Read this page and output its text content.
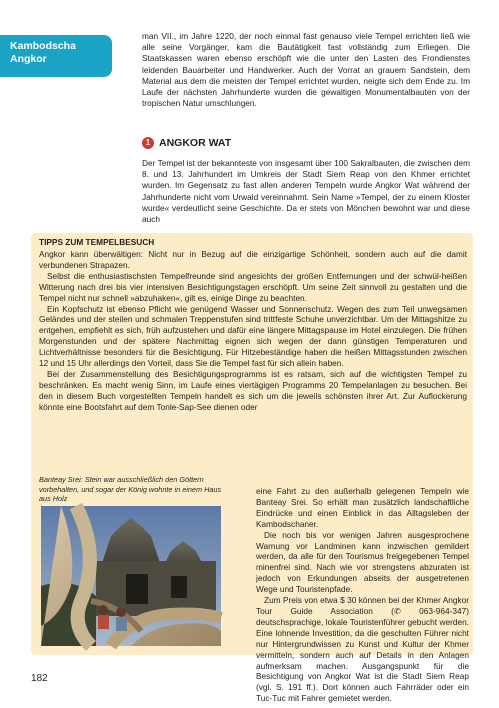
Kambodscha
Angkor

man VII., im Jahre 1220, der noch einmal fast genauso viele Tempel errichten ließ wie alle seine Vorgänger, kam die Bautätigkeit fast vollständig zum Erliegen. Die Staatskassen waren ebenso erschöpft wie die unter den Lasten des Frondienstes leidenden Bauarbeiter und Handwerker. Auch der Vorrat an grauem Sandstein, dem Material aus dem die meisten der Tempel errichtet wurden, neigte sich dem Ende zu. Im Laufe der nächsten Jahrhunderte wurden die gewaltigen Monumentalbauten von der tropischen Natur umschlungen.

1 ANGKOR WAT

Der Tempel ist der bekannteste von insgesamt über 100 Sakralbauten, die zwischen dem 8. und 13. Jahrhundert im Umkreis der Stadt Siem Reap von den Khmer errichtet wurden. Im Gegensatz zu fast allen anderen Tempeln wurde Angkor Wat während der Jahrhunderte nicht vom Urwald vereinnahmt. Sein Name »Tempel, der zu einem Kloster wurde« verdeutlicht seine Geschichte. Da er stets von Mönchen bewohnt war und diese auch

TIPPS ZUM TEMPELBESUCH

Angkor kann überwältigen: Nicht nur in Bezug auf die einzigartige Schönheit, sondern auch auf die damit verbundenen Strapazen.

Selbst die enthusiastischsten Tempelfreunde sind angesichts der großen Entfernungen und der schwül-heißen Witterung nach drei bis vier intensiven Besichtigungstagen erschöpft. Um seine Zeit sinnvoll zu gestalten und die Tempel nicht nur schnell »abzuhaken«, gilt es, einige Dinge zu beachten.

Ein Kopfschutz ist ebenso Pflicht wie genügend Wasser und Sonnenschutz. Wegen des zum Teil unwegsamen Geländes und der steilen und schmalen Treppenstufen sind trittfeste Schuhe unverzichtbar. Um der Mittagshitze zu entgehen, empfiehlt es sich, früh aufzustehen und dafür eine längere Mittagspause im Hotel einzulegen. Die frühen Morgenstunden und der spätere Nachmittag eignen sich wegen der dann günstigen Temperaturen und Lichtverhältnisse besonders für die Besichtigung. Für Hitzebeständige haben die heißen Mittagsstunden zwischen 12 und 15 Uhr allerdings den Vorteil, dass Sie die Tempel fast für sich allein haben.

Bei der Zusammenstellung des Besichtigungsprogramms ist es ratsam, sich auf die wichtigsten Tempel zu beschränken. Es macht wenig Sinn, im Laufe eines viertägigen Programms 20 Tempelanlagen zu besuchen. Bei den in diesem Buch vorgestellten Tempeln handelt es sich um die jeweils schönsten ihrer Art. Zur Auflockerung könnte eine Bootsfahrt auf dem Tonle-Sap-See dienen oder

Banteay Srei: Stein war ausschließlich den Göttern vorbehalten, und sogar der König wohnte in einem Haus aus Holz

eine Fahrt zu den außerhalb gelegenen Tempeln wie Banteay Srei. So erhält man zusätzlich landschaftliche Eindrücke und einen Einblick in das Alltagsleben der Kambodschaner.

Die noch bis vor wenigen Jahren ausgesprochene Warnung vor Landminen kann inzwischen gemildert werden, da alle für den Tourismus freigegebenen Tempel minenfrei sind. Nach wie vor strengstens abzuraten ist jedoch von Erkundungen abseits der ausgetretenen Wege und Touristenpfade.

Zum Preis von etwa $ 30 können bei der Khmer Angkor Tour Guide Association (✆ 063-964-347) deutschsprachige, lokale Touristenführer gebucht werden. Eine lohnende Investition, da die geschulten Führer nicht nur Hintergrundwissen zu Kunst und Kultur der Khmer vermitteln, sondern auch auf Details in den Anlagen aufmerksam machen. Ausgangspunkt für die Besichtigung von Angkor Wat ist die Stadt Siem Reap (vgl. S. 191 ff.). Dort können auch Fahrräder oder ein Tuc-Tuc mit Fahrer gemietet werden.

182
